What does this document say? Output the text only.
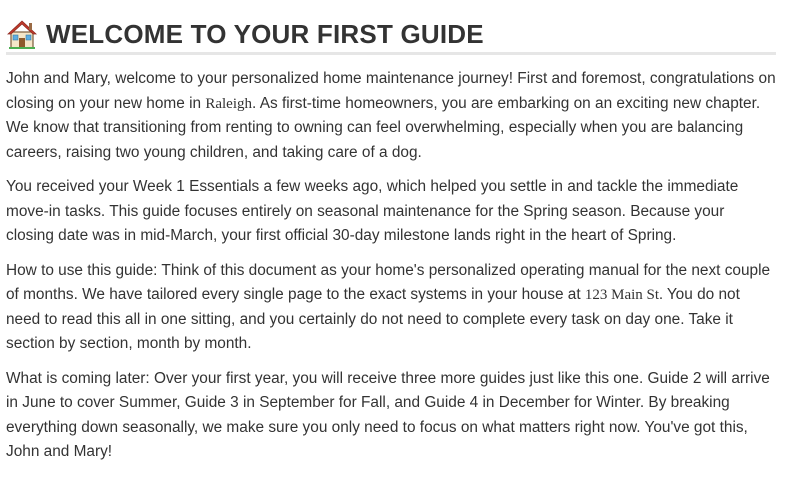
WELCOME TO YOUR FIRST GUIDE

John and Mary, welcome to your personalized home maintenance journey! First and foremost, congratulations on closing on your new home in Raleigh. As first-time homeowners, you are embarking on an exciting new chapter. We know that transitioning from renting to owning can feel overwhelming, especially when you are balancing careers, raising two young children, and taking care of a dog.

You received your Week 1 Essentials a few weeks ago, which helped you settle in and tackle the immediate move-in tasks. This guide focuses entirely on seasonal maintenance for the Spring season. Because your closing date was in mid-March, your first official 30-day milestone lands right in the heart of Spring.

How to use this guide: Think of this document as your home's personalized operating manual for the next couple of months. We have tailored every single page to the exact systems in your house at 123 Main St. You do not need to read this all in one sitting, and you certainly do not need to complete every task on day one. Take it section by section, month by month.

What is coming later: Over your first year, you will receive three more guides just like this one. Guide 2 will arrive in June to cover Summer, Guide 3 in September for Fall, and Guide 4 in December for Winter. By breaking everything down seasonally, we make sure you only need to focus on what matters right now. You've got this, John and Mary!
